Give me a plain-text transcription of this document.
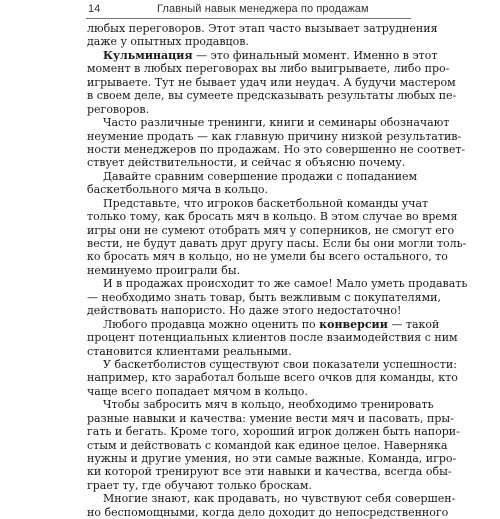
14	Главный навык менеджера по продажам
любых переговоров. Этот этап часто вызывает затруднения
даже у опытных продавцов.
Кульминация — это финальный момент. Именно в этот
момент в любых переговорах вы либо выигрываете, либо про-
игрываете. Тут не бывает удач или неудач. А будучи мастером
в своем деле, вы сумеете предсказывать результаты любых пе-
реговоров.
Часто различные тренинги, книги и семинары обозначают
неумение продать — как главную причину низкой результатив-
ности менеджеров по продажам. Но это совершенно не соответ-
ствует действительности, и сейчас я объясню почему.
Давайте сравним совершение продажи с попаданием
баскетбольного мяча в кольцо.
Представьте, что игроков баскетбольной команды учат
только тому, как бросать мяч в кольцо. В этом случае во время
игры они не сумеют отобрать мяч у соперников, не смогут его
вести, не будут давать друг другу пасы. Если бы они могли толь-
ко бросать мяч в кольцо, но не умели бы всего остального, то
неминуемо проиграли бы.
И в продажах происходит то же самое! Мало уметь продавать
— необходимо знать товар, быть вежливым с покупателями,
действовать напористо. Но даже этого недостаточно!
Любого продавца можно оценить по конверсии — такой
процент потенциальных клиентов после взаимодействия с ним
становится клиентами реальными.
У баскетболистов существуют свои показатели успешности:
например, кто заработал больше всего очков для команды, кто
чаще всего попадает мячом в кольцо.
Чтобы забросить мяч в кольцо, необходимо тренировать
разные навыки и качества: умение вести мяч и пасовать, пры-
гать и бегать. Кроме того, хороший игрок должен быть напори-
стым и действовать с командой как единое целое. Наверняка
нужны и другие умения, но эти самые важные. Команда, игро-
ки которой тренируют все эти навыки и качества, всегда обы-
грает ту, где обучают только броскам.
Многие знают, как продавать, но чувствуют себя совершен-
но беспомощными, когда дело доходит до непосредственного
